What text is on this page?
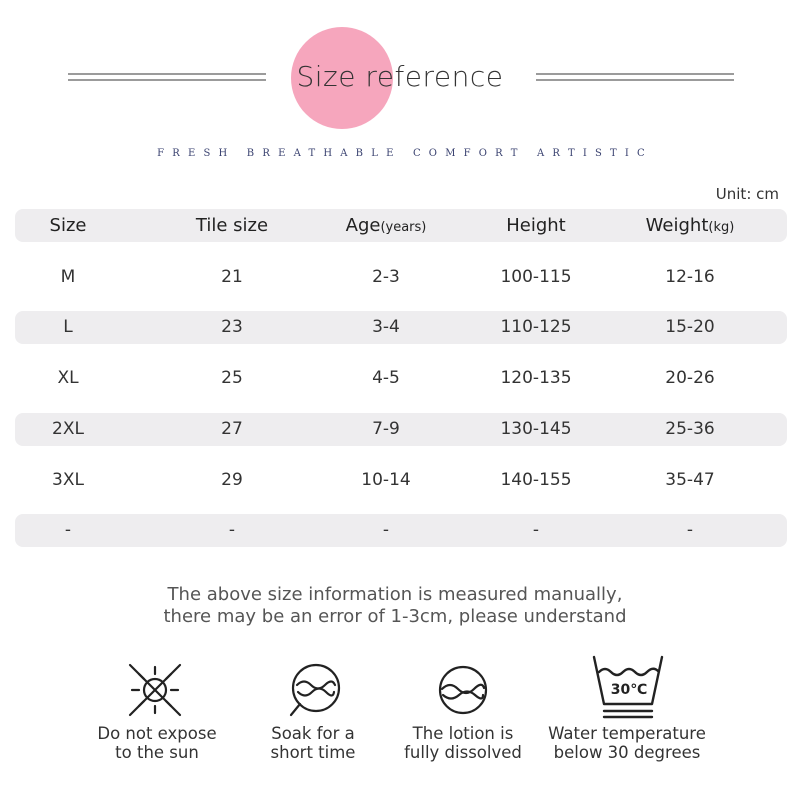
Size reference
FRESH BREATHABLE COMFORT ARTISTIC
Unit: cm
Size	Tile size	Age(years)	Height	Weight(kg)
M	21	2-3	100-115	12-16
L	23	3-4	110-125	15-20
XL	25	4-5	120-135	20-26
2XL	27	7-9	130-145	25-36
3XL	29	10-14	140-155	35-47
-	-	-	-	-
The above size information is measured manually,
there may be an error of 1-3cm, please understand
30℃
Do not expose
to the sun
Soak for a
short time
The lotion is
fully dissolved
Water temperature
below 30 degrees
